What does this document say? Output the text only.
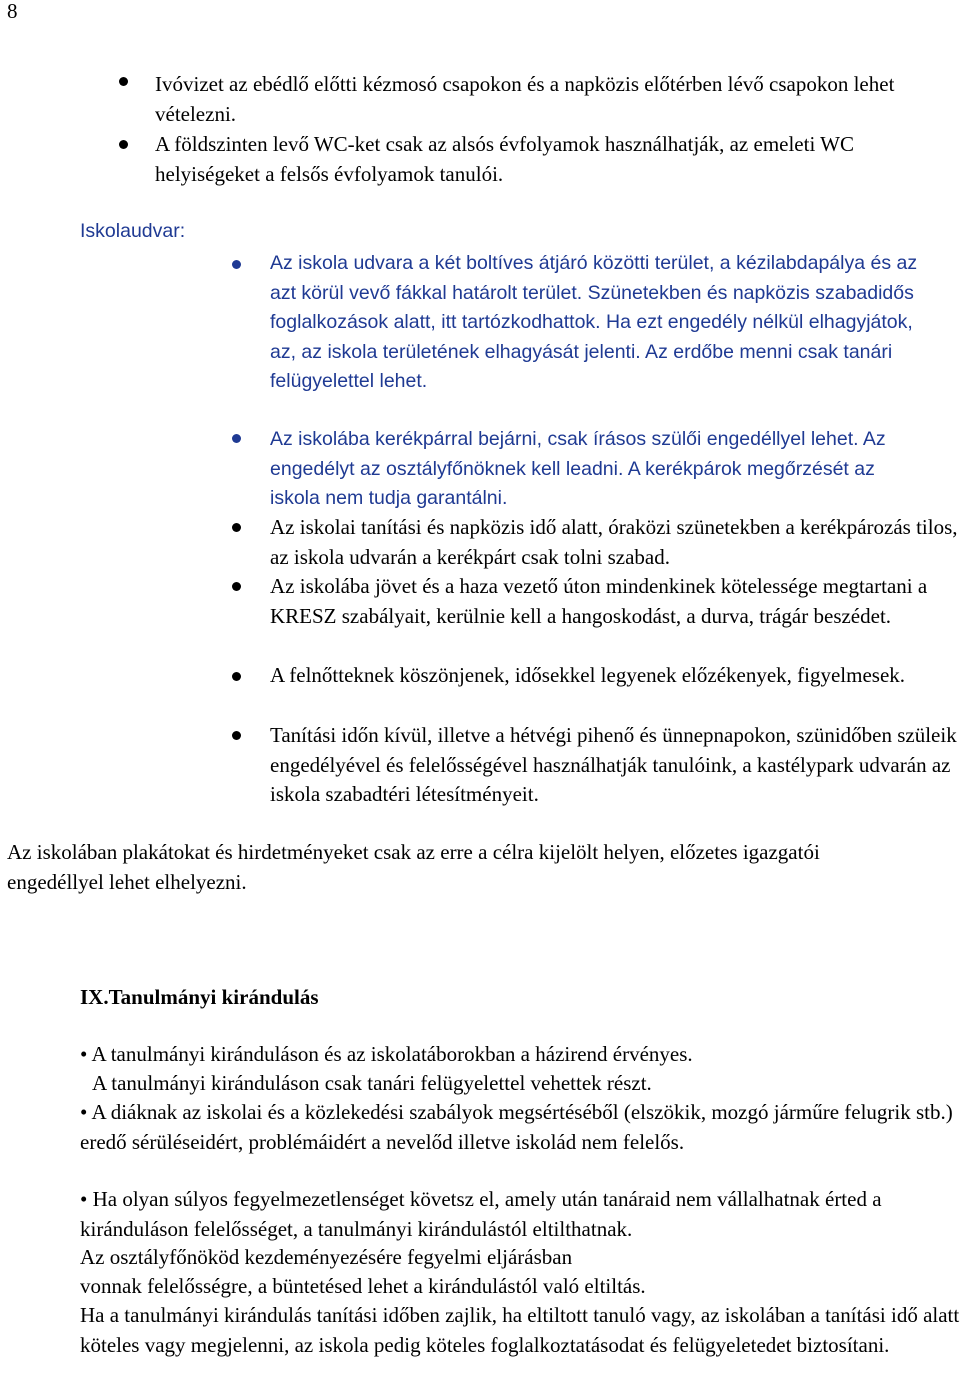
8
Ivóvizet az ebédlő előtti kézmosó csapokon és a napközis előtérben lévő csapokon lehet vételezni.
A földszinten levő WC-ket csak az alsós évfolyamok használhatják, az emeleti WC helyiségeket a felsős évfolyamok tanulói.
Iskolaudvar:
Az iskola udvara a két boltíves átjáró közötti terület, a kézilabdapálya és az azt körül vevő fákkal határolt terület. Szünetekben és napközis szabadidős foglalkozások alatt, itt tartózkodhattok. Ha ezt engedély nélkül elhagyjátok, az, az iskola területének elhagyását jelenti. Az erdőbe menni csak tanári felügyelettel lehet.
Az iskolába kerékpárral bejárni, csak írásos szülői engedéllyel lehet. Az engedélyt az osztályfőnöknek kell leadni. A kerékpárok megőrzését az iskola nem tudja garantálni.
Az iskolai tanítási és napközis idő alatt, óraközi szünetekben a kerékpározás tilos, az iskola udvarán a kerékpárt csak tolni szabad.
Az iskolába jövet és a haza vezető úton mindenkinek kötelessége megtartani a KRESZ szabályait, kerülnie kell a hangoskodást, a durva, trágár beszédet.
A felnőtteknek köszönjenek, idősekkel legyenek előzékenyek, figyelmesek.
Tanítási időn kívül, illetve a hétvégi pihenő és ünnepnapokon, szünidőben szüleik engedélyével és felelősségével használhatják tanulóink, a kastélypark udvarán az iskola szabadtéri létesítményeit.
Az iskolában plakátokat és hirdetményeket csak az erre a célra kijelölt helyen, előzetes igazgatói engedéllyel lehet elhelyezni.
IX.Tanulmányi kirándulás
• A tanulmányi kiránduláson és az iskolatáborokban a házirend érvényes.
A tanulmányi kiránduláson csak tanári felügyelettel vehettek részt.
• A diáknak az iskolai és a közlekedési szabályok megsértéséből (elszökik, mozgó járműre felugrik stb.) eredő sérüléseidért, problémáidért a nevelőd illetve iskolád nem felelős.
• Ha olyan súlyos fegyelmezetlenséget követsz el, amely után tanáraid nem vállalhatnak érted a kiránduláson felelősséget, a tanulmányi kirándulástól eltilthatnak.
Az osztályfőnököd kezdeményezésére fegyelmi eljárásban
vonnak felelősségre, a büntetésed lehet a kirándulástól való eltiltás.
Ha a tanulmányi kirándulás tanítási időben zajlik, ha eltiltott tanuló vagy, az iskolában a tanítási idő alatt köteles vagy megjelenni, az iskola pedig köteles foglalkoztatásodat és felügyeletedet biztosítani.
